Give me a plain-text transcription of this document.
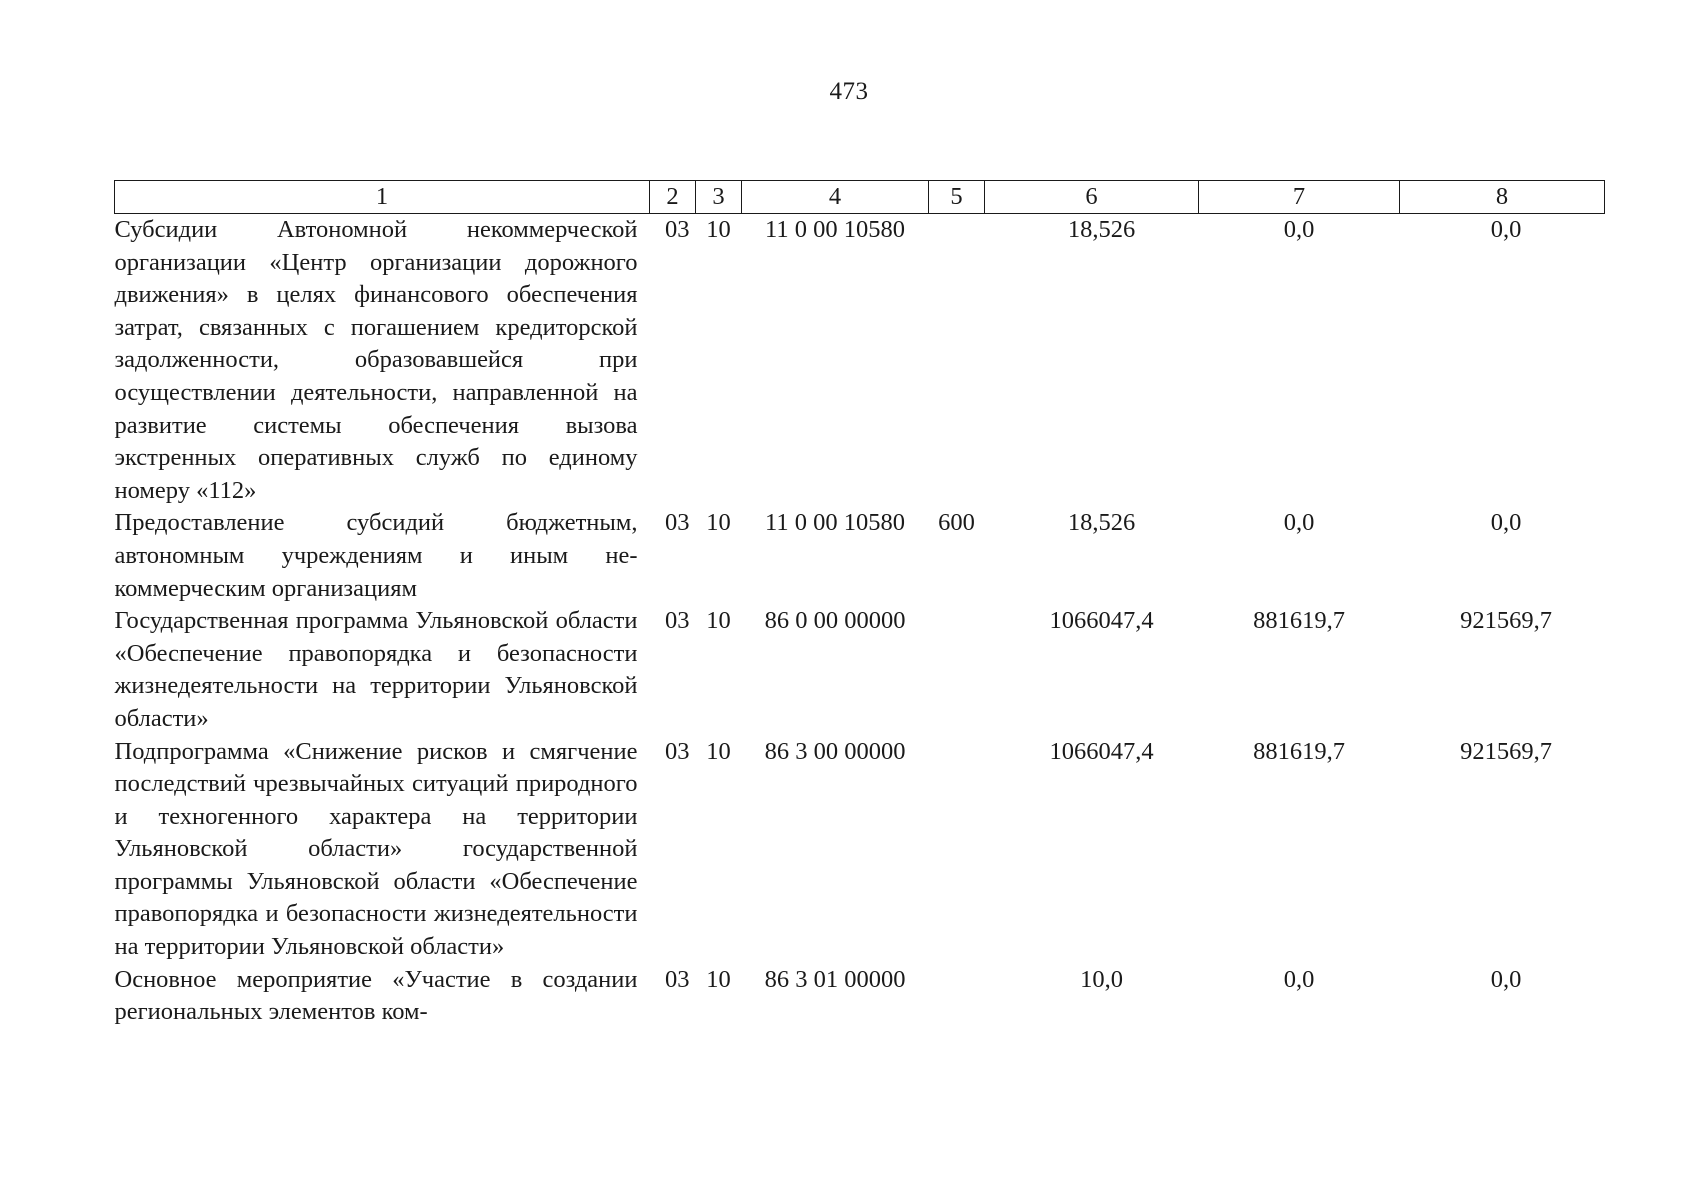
473
1	2	3	4	5	6	7	8
Субсидии Автономной некоммерческой организации «Центр организации дорожного движения» в целях финансового обеспечения затрат, связанных с погашением кредиторской задолженности, образовавшейся при осуществлении деятельности, направленной на развитие системы обеспечения вызова экстренных оперативных служб по единому номеру «112»	03	10	11 0 00 10580		18,526	0,0	0,0
Предоставление субсидий бюджетным, автономным учреждениям и иным некоммерческим организациям	03	10	11 0 00 10580	600	18,526	0,0	0,0
Государственная программа Ульяновской области «Обеспечение правопорядка и безопасности жизнедеятельности на территории Ульяновской области»	03	10	86 0 00 00000		1066047,4	881619,7	921569,7
Подпрограмма «Снижение рисков и смягчение последствий чрезвычайных ситуаций природного и техногенного характера на территории Ульяновской области» государственной программы Ульяновской области «Обеспечение правопорядка и безопасности жизнедеятельности на территории Ульяновской области»	03	10	86 3 00 00000		1066047,4	881619,7	921569,7
Основное мероприятие «Участие в создании региональных элементов ком-	03	10	86 3 01 00000		10,0	0,0	0,0
